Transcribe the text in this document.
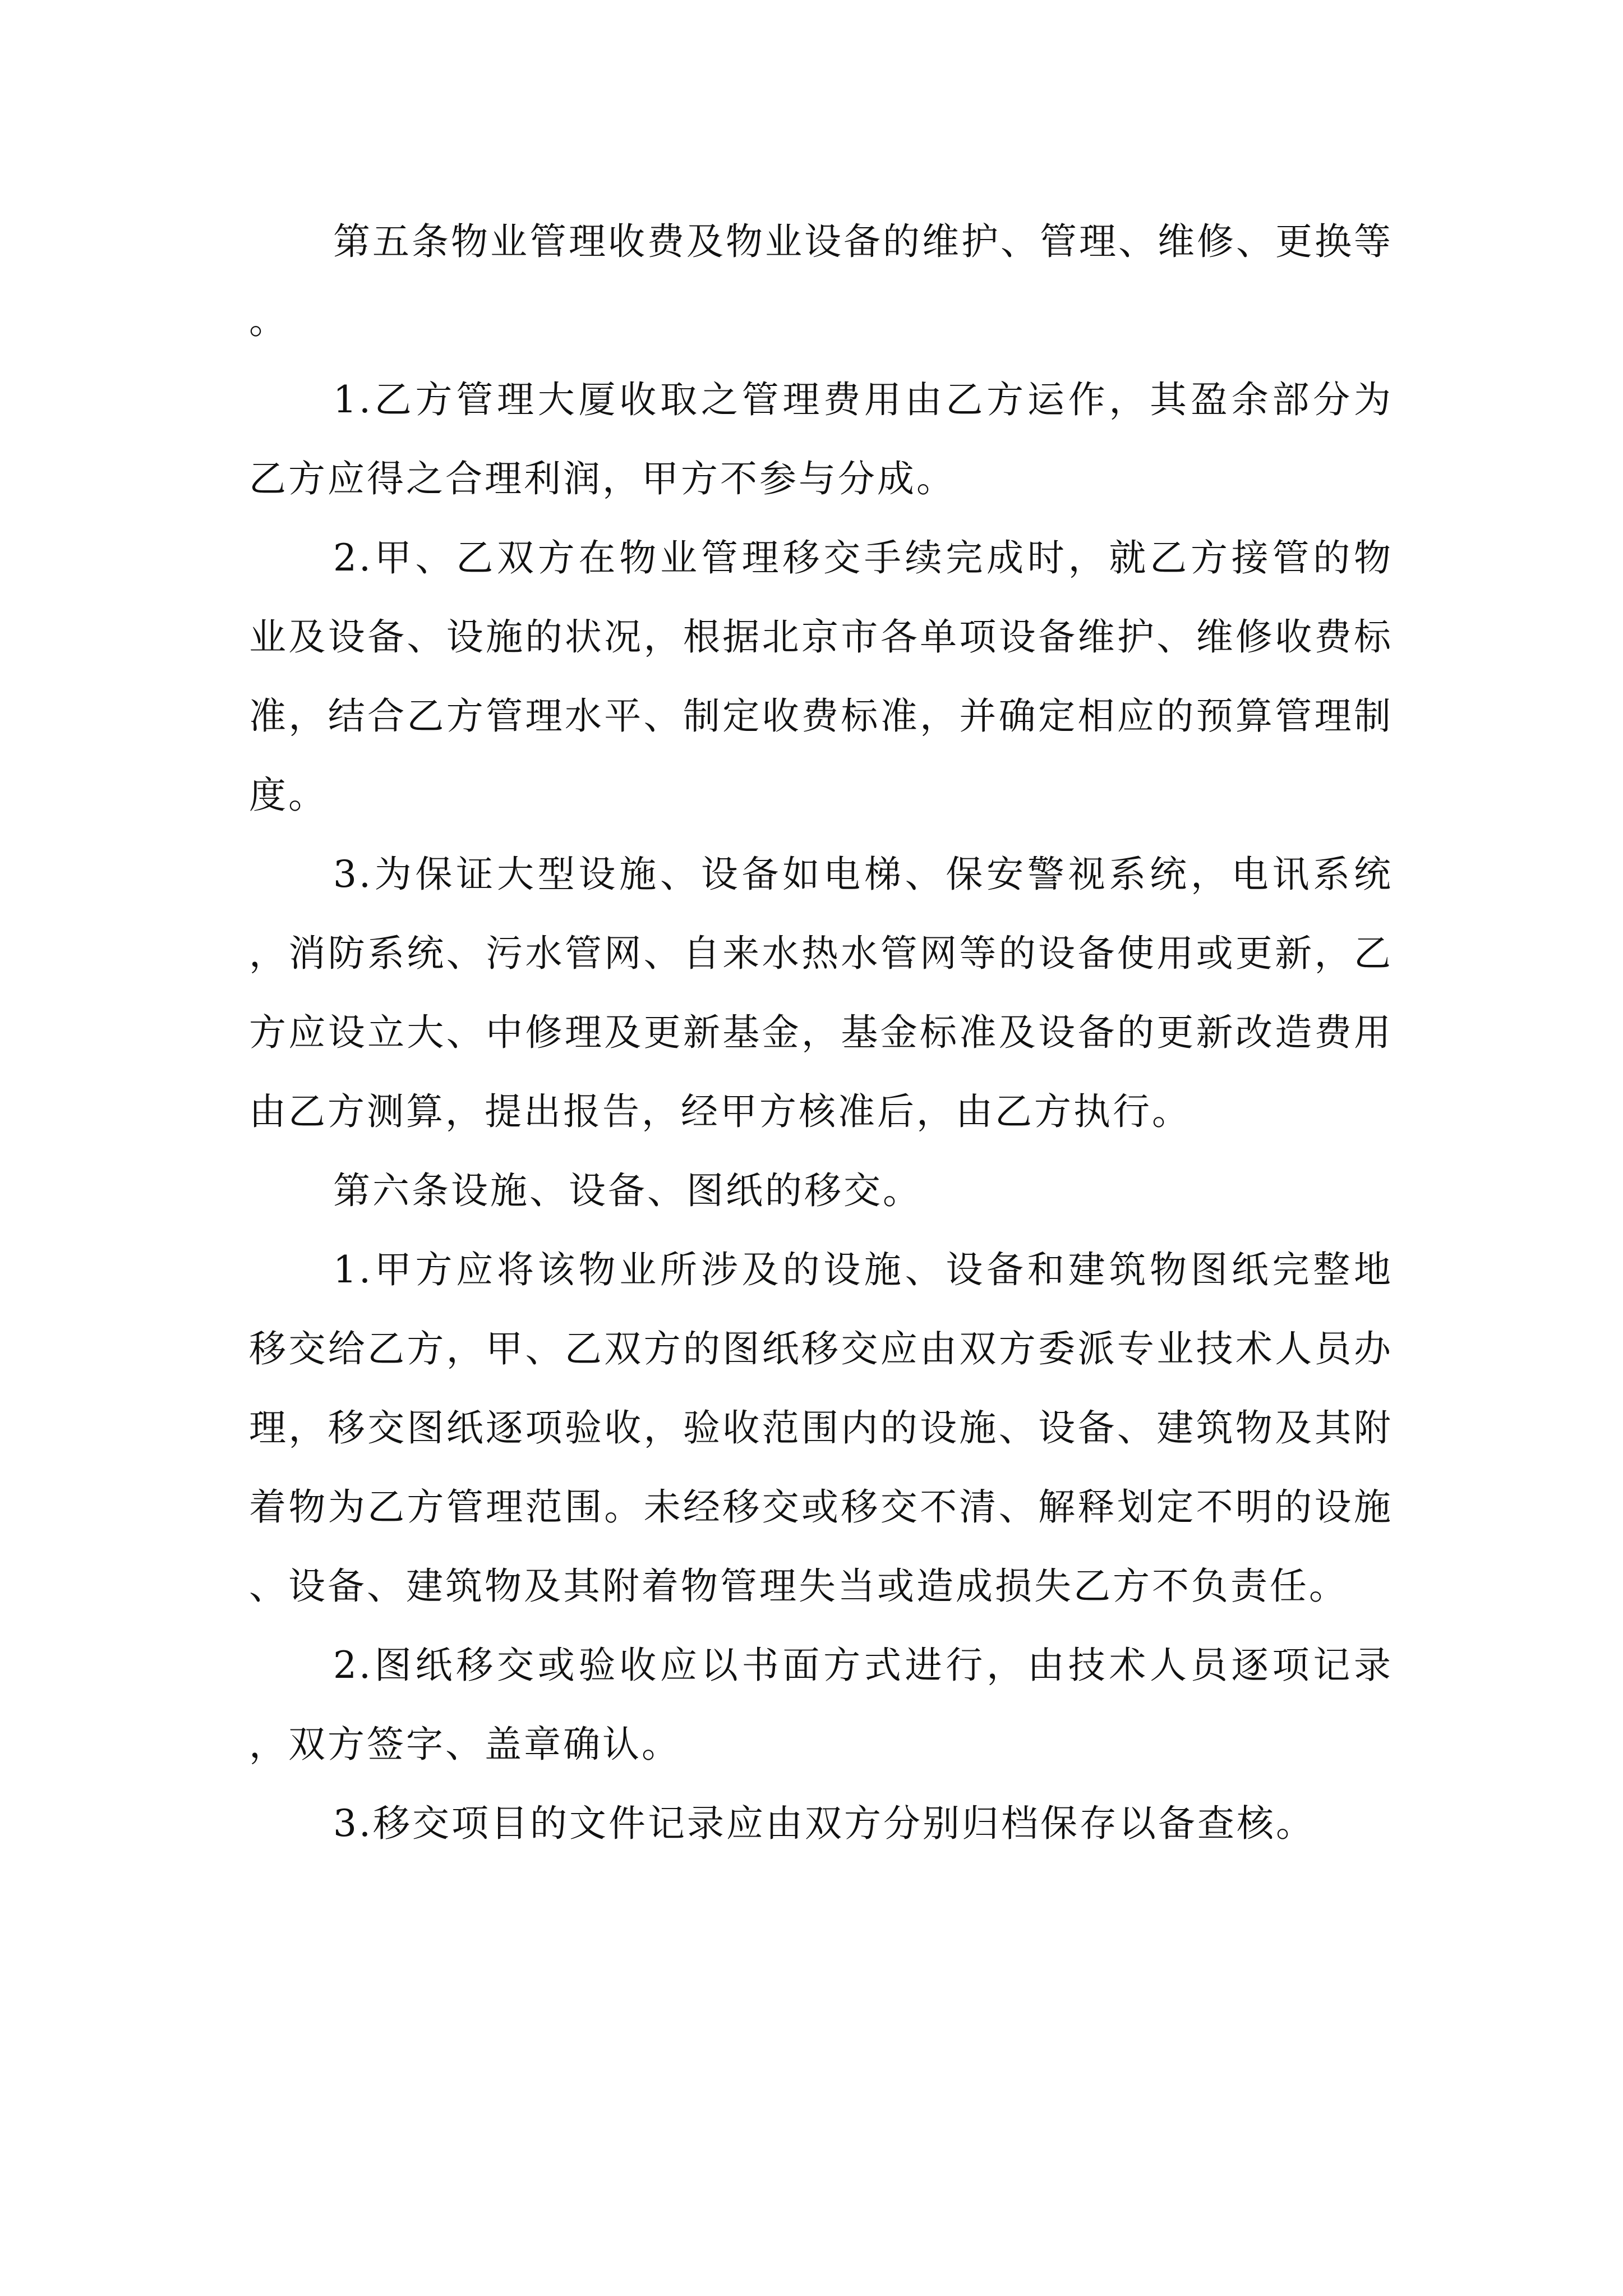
第五条物业管理收费及物业设备的维护、管理、维修、更换等。

1.乙方管理大厦收取之管理费用由乙方运作，其盈余部分为乙方应得之合理利润，甲方不参与分成。

2.甲、乙双方在物业管理移交手续完成时，就乙方接管的物业及设备、设施的状况，根据北京市各单项设备维护、维修收费标准，结合乙方管理水平、制定收费标准，并确定相应的预算管理制度。

3.为保证大型设施、设备如电梯、保安警视系统，电讯系统，消防系统、污水管网、自来水热水管网等的设备使用或更新，乙方应设立大、中修理及更新基金，基金标准及设备的更新改造费用由乙方测算，提出报告，经甲方核准后，由乙方执行。

第六条设施、设备、图纸的移交。

1.甲方应将该物业所涉及的设施、设备和建筑物图纸完整地移交给乙方，甲、乙双方的图纸移交应由双方委派专业技术人员办理，移交图纸逐项验收，验收范围内的设施、设备、建筑物及其附着物为乙方管理范围。未经移交或移交不清、解释划定不明的设施、设备、建筑物及其附着物管理失当或造成损失乙方不负责任。

2.图纸移交或验收应以书面方式进行，由技术人员逐项记录，双方签字、盖章确认。

3.移交项目的文件记录应由双方分别归档保存以备查核。
